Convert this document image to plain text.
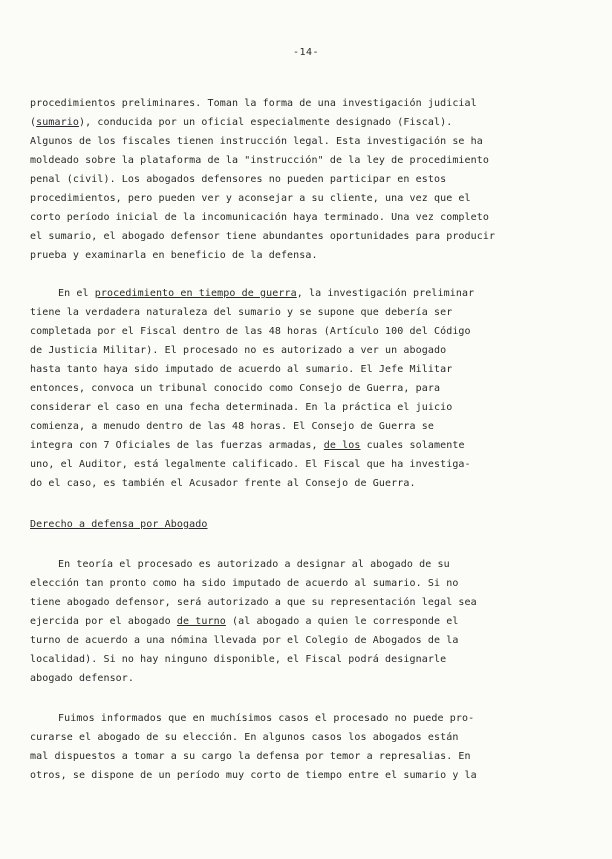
-14-
procedimientos preliminares. Toman la forma de una investigación judicial
(sumario), conducida por un oficial especialmente designado (Fiscal).
Algunos de los fiscales tienen instrucción legal. Esta investigación se ha
moldeado sobre la plataforma de la "instrucción" de la ley de procedimiento
penal (civil). Los abogados defensores no pueden participar en estos
procedimientos, pero pueden ver y aconsejar a su cliente, una vez que el
corto período inicial de la incomunicación haya terminado. Una vez completo
el sumario, el abogado defensor tiene abundantes oportunidades para producir
prueba y examinarla en beneficio de la defensa.
En el procedimiento en tiempo de guerra, la investigación preliminar
tiene la verdadera naturaleza del sumario y se supone que debería ser
completada por el Fiscal dentro de las 48 horas (Artículo 100 del Código
de Justicia Militar). El procesado no es autorizado a ver un abogado
hasta tanto haya sido imputado de acuerdo al sumario. El Jefe Militar
entonces, convoca un tribunal conocido como Consejo de Guerra, para
considerar el caso en una fecha determinada. En la práctica el juicio
comienza, a menudo dentro de las 48 horas. El Consejo de Guerra se
integra con 7 Oficiales de las fuerzas armadas, de los cuales solamente
uno, el Auditor, está legalmente calificado. El Fiscal que ha investiga-
do el caso, es también el Acusador frente al Consejo de Guerra.
Derecho a defensa por Abogado
En teoría el procesado es autorizado a designar al abogado de su
elección tan pronto como ha sido imputado de acuerdo al sumario. Si no
tiene abogado defensor, será autorizado a que su representación legal sea
ejercida por el abogado de turno (al abogado a quien le corresponde el
turno de acuerdo a una nómina llevada por el Colegio de Abogados de la
localidad). Si no hay ninguno disponible, el Fiscal podrá designarle
abogado defensor.
Fuimos informados que en muchísimos casos el procesado no puede pro-
curarse el abogado de su elección. En algunos casos los abogados están
mal dispuestos a tomar a su cargo la defensa por temor a represalias. En
otros, se dispone de un período muy corto de tiempo entre el sumario y la
